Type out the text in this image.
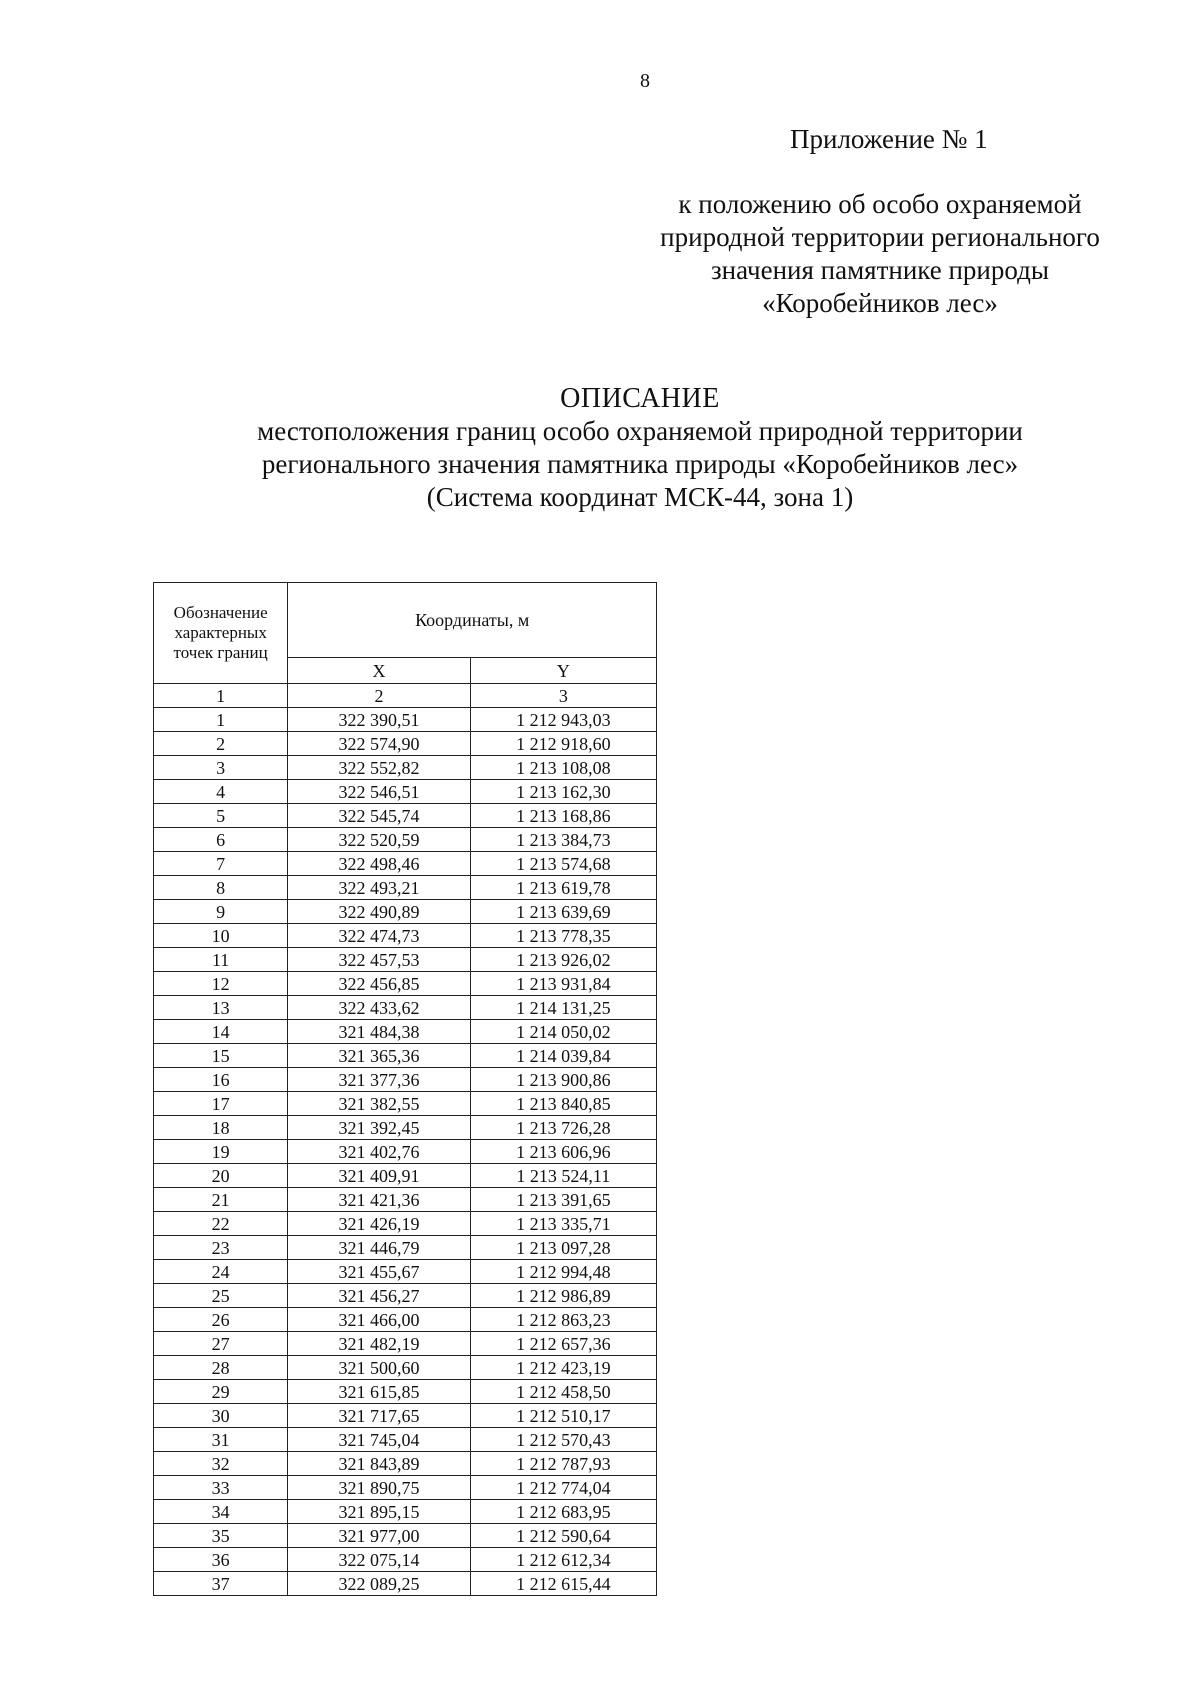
8
Приложение № 1
к положению об особо охраняемой
природной территории регионального
значения памятнике природы
«Коробейников лес»
ОПИСАНИЕ
местоположения границ особо охраняемой природной территории
регионального значения памятника природы «Коробейников лес»
(Система координат МСК-44, зона 1)
Обозначение характерных точек границ	Координаты, м	
	X	Y
1	2	3
1	322 390,51	1 212 943,03
2	322 574,90	1 212 918,60
3	322 552,82	1 213 108,08
4	322 546,51	1 213 162,30
5	322 545,74	1 213 168,86
6	322 520,59	1 213 384,73
7	322 498,46	1 213 574,68
8	322 493,21	1 213 619,78
9	322 490,89	1 213 639,69
10	322 474,73	1 213 778,35
11	322 457,53	1 213 926,02
12	322 456,85	1 213 931,84
13	322 433,62	1 214 131,25
14	321 484,38	1 214 050,02
15	321 365,36	1 214 039,84
16	321 377,36	1 213 900,86
17	321 382,55	1 213 840,85
18	321 392,45	1 213 726,28
19	321 402,76	1 213 606,96
20	321 409,91	1 213 524,11
21	321 421,36	1 213 391,65
22	321 426,19	1 213 335,71
23	321 446,79	1 213 097,28
24	321 455,67	1 212 994,48
25	321 456,27	1 212 986,89
26	321 466,00	1 212 863,23
27	321 482,19	1 212 657,36
28	321 500,60	1 212 423,19
29	321 615,85	1 212 458,50
30	321 717,65	1 212 510,17
31	321 745,04	1 212 570,43
32	321 843,89	1 212 787,93
33	321 890,75	1 212 774,04
34	321 895,15	1 212 683,95
35	321 977,00	1 212 590,64
36	322 075,14	1 212 612,34
37	322 089,25	1 212 615,44
